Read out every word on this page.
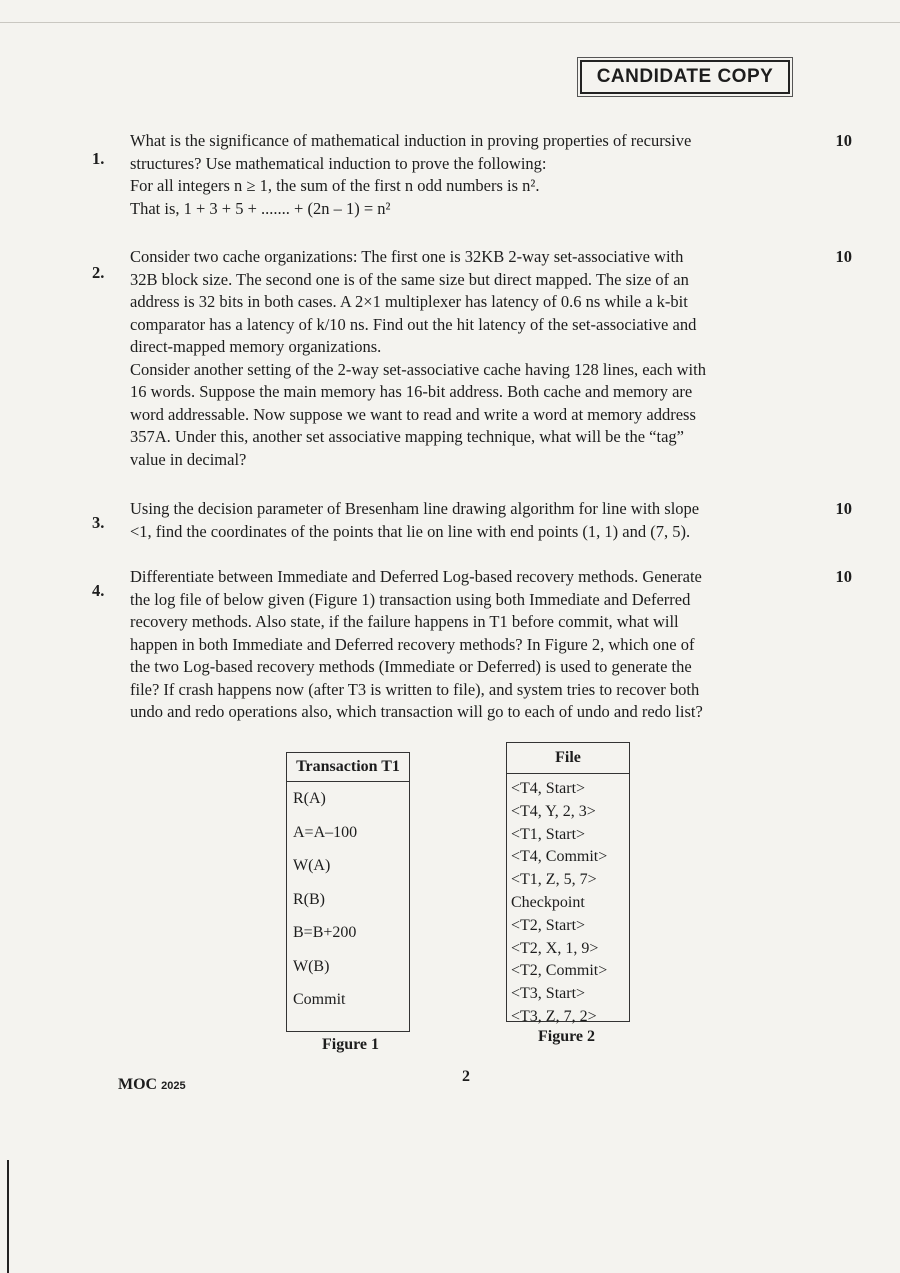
CANDIDATE COPY
1.
10

What is the significance of mathematical induction in proving properties of recursive

structures? Use mathematical induction to prove the following:

For all integers n ≥ 1, the sum of the first n odd numbers is n².

That is, 1 + 3 + 5 + ....... + (2n – 1) = n²

2.
10

Consider two cache organizations: The first one is 32KB 2-way set-associative with

32B block size. The second one is of the same size but direct mapped. The size of an

address is 32 bits in both cases. A 2×1 multiplexer has latency of 0.6 ns while a k-bit

comparator has a latency of k/10 ns. Find out the hit latency of the set-associative and

direct-mapped memory organizations.

Consider another setting of the 2-way set-associative cache having 128 lines, each with

16 words. Suppose the main memory has 16-bit address. Both cache and memory are

word addressable. Now suppose we want to read and write a word at memory address

357A. Under this, another set associative mapping technique, what will be the “tag”

value in decimal?

3.
10

Using the decision parameter of Bresenham line drawing algorithm for line with slope

<1, find the coordinates of the points that lie on line with end points (1, 1) and (7, 5).

4.
10

Differentiate between Immediate and Deferred Log-based recovery methods. Generate

the log file of below given (Figure 1) transaction using both Immediate and Deferred

recovery methods. Also state, if the failure happens in T1 before commit, what will

happen in both Immediate and Deferred recovery methods? In Figure 2, which one of

the two Log-based recovery methods (Immediate or Deferred) is used to generate the

file? If crash happens now (after T3 is written to file), and system tries to recover both

undo and redo operations also, which transaction will go to each of undo and redo list?

Transaction T1
R(A)
A=A–100
W(A)
R(B)
B=B+200
W(B)
Commit
Figure 1
File
<T4, Start>
<T4, Y, 2, 3>
<T1, Start>
<T4, Commit>
<T1, Z, 5, 7>
Checkpoint
<T2, Start>
<T2, X, 1, 9>
<T2, Commit>
<T3, Start>
<T3, Z, 7, 2>
Figure 2
MOC 2025
2
